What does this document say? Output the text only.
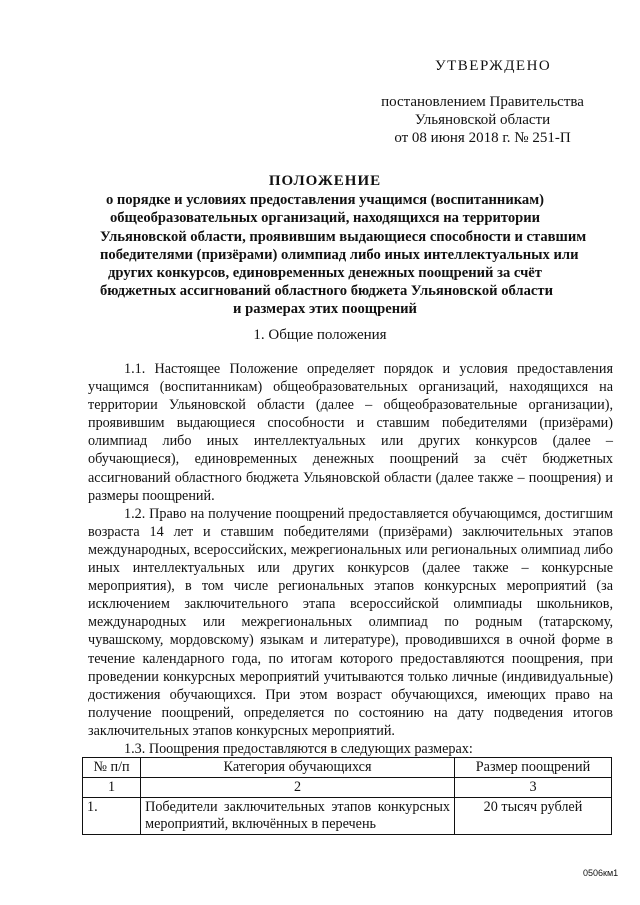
УТВЕРЖДЕНО
постановлением Правительства
Ульяновской области
от 08 июня 2018 г. № 251-П
ПОЛОЖЕНИЕ
о порядке и условиях предоставления учащимся (воспитанникам)
общеобразовательных организаций, находящихся на территории
Ульяновской области, проявившим выдающиеся способности и ставшим
победителями (призёрами) олимпиад либо иных интеллектуальных или
других конкурсов, единовременных денежных поощрений за счёт
бюджетных ассигнований областного бюджета Ульяновской области
и размерах этих поощрений
1. Общие положения

1.1. Настоящее Положение определяет порядок и условия предоставления учащимся (воспитанникам) общеобразовательных организаций, находящихся на территории Ульяновской области (далее – общеобразовательные организации), проявившим выдающиеся способности и ставшим победителями (призёрами) олимпиад либо иных интеллектуальных или других конкурсов (далее – обучающиеся), единовременных денежных поощрений за счёт бюджетных ассигнований областного бюджета Ульяновской области (далее также – поощрения) и размеры поощрений.

1.2. Право на получение поощрений предоставляется обучающимся, достигшим возраста 14 лет и ставшим победителями (призёрами) заключительных этапов международных, всероссийских, межрегиональных или региональных олимпиад либо иных интеллектуальных или других конкурсов (далее также – конкурсные мероприятия), в том числе региональных этапов конкурсных мероприятий (за исключением заключительного этапа всероссийской олимпиады школьников, международных или межрегиональных олимпиад по родным (татарскому, чувашскому, мордовскому) языкам и литературе), проводившихся в очной форме в течение календарного года, по итогам которого предоставляются поощрения, при проведении конкурсных мероприятий учитываются только личные (индивидуальные) достижения обучающихся. При этом возраст обучающихся, имеющих право на получение поощрений, определяется по состоянию на дату подведения итогов заключительных этапов конкурсных мероприятий.

1.3. Поощрения предоставляются в следующих размерах:

№ п/п	Категория обучающихся	Размер поощрений
1	2	3
1.	Победители заключительных этапов конкурсных мероприятий, включённых в перечень	20 тысяч рублей
0506км1
